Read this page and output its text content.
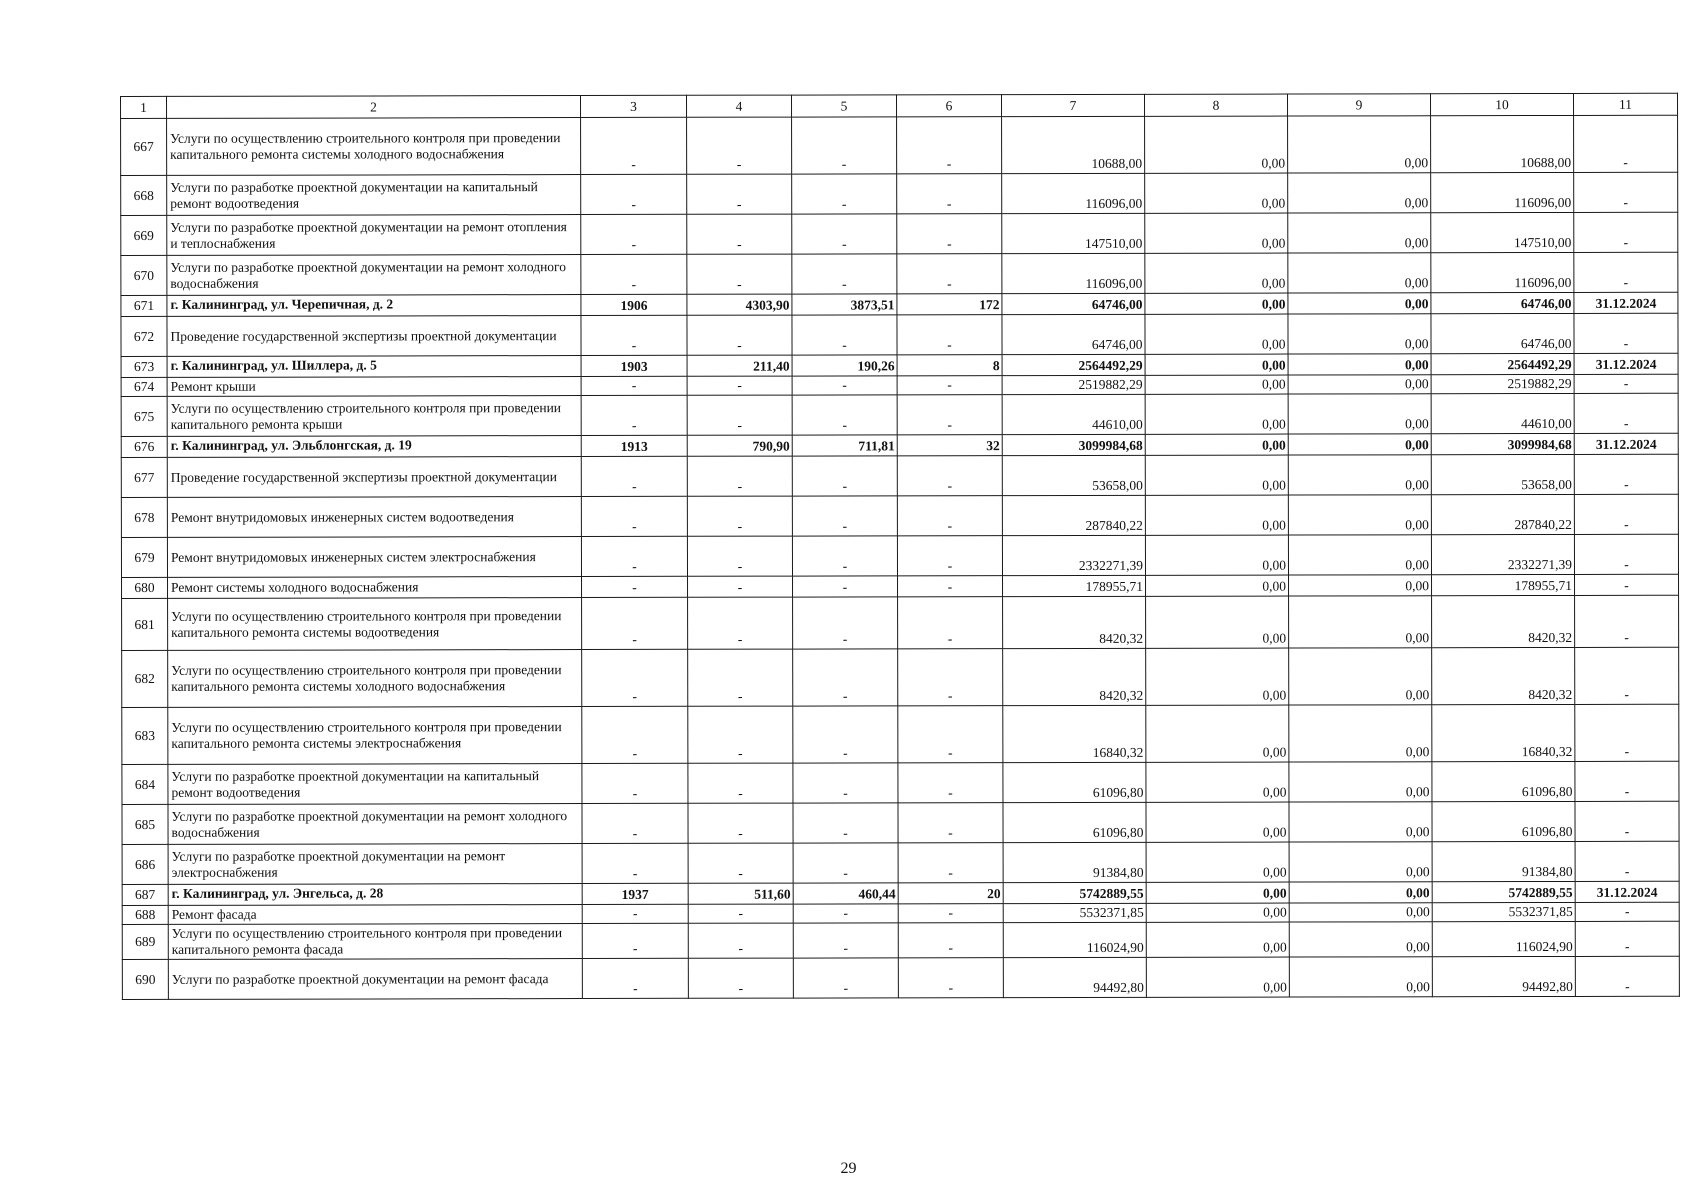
1	2	3	4	5	6	7	8	9	10	11
667	Услуги по осуществлению строительного контроля при проведении капитального ремонта системы холодного водоснабжения	-	-	-	-	10688,00	0,00	0,00	10688,00	-
668	Услуги по разработке проектной документации на капитальный ремонт водоотведения	-	-	-	-	116096,00	0,00	0,00	116096,00	-
669	Услуги по разработке проектной документации на ремонт отопления и теплоснабжения	-	-	-	-	147510,00	0,00	0,00	147510,00	-
670	Услуги по разработке проектной документации на ремонт холодного водоснабжения	-	-	-	-	116096,00	0,00	0,00	116096,00	-
671	г. Калининград, ул. Черепичная, д. 2	1906	4303,90	3873,51	172	64746,00	0,00	0,00	64746,00	31.12.2024
672	Проведение государственной экспертизы проектной документации	-	-	-	-	64746,00	0,00	0,00	64746,00	-
673	г. Калининград, ул. Шиллера, д. 5	1903	211,40	190,26	8	2564492,29	0,00	0,00	2564492,29	31.12.2024
674	Ремонт крыши	-	-	-	-	2519882,29	0,00	0,00	2519882,29	-
675	Услуги по осуществлению строительного контроля при проведении капитального ремонта крыши	-	-	-	-	44610,00	0,00	0,00	44610,00	-
676	г. Калининград, ул. Эльблонгская, д. 19	1913	790,90	711,81	32	3099984,68	0,00	0,00	3099984,68	31.12.2024
677	Проведение государственной экспертизы проектной документации	-	-	-	-	53658,00	0,00	0,00	53658,00	-
678	Ремонт внутридомовых инженерных систем водоотведения	-	-	-	-	287840,22	0,00	0,00	287840,22	-
679	Ремонт внутридомовых инженерных систем электроснабжения	-	-	-	-	2332271,39	0,00	0,00	2332271,39	-
680	Ремонт системы холодного водоснабжения	-	-	-	-	178955,71	0,00	0,00	178955,71	-
681	Услуги по осуществлению строительного контроля при проведении капитального ремонта системы водоотведения	-	-	-	-	8420,32	0,00	0,00	8420,32	-
682	Услуги по осуществлению строительного контроля при проведении капитального ремонта системы холодного водоснабжения	-	-	-	-	8420,32	0,00	0,00	8420,32	-
683	Услуги по осуществлению строительного контроля при проведении капитального ремонта системы электроснабжения	-	-	-	-	16840,32	0,00	0,00	16840,32	-
684	Услуги по разработке проектной документации на капитальный ремонт водоотведения	-	-	-	-	61096,80	0,00	0,00	61096,80	-
685	Услуги по разработке проектной документации на ремонт холодного водоснабжения	-	-	-	-	61096,80	0,00	0,00	61096,80	-
686	Услуги по разработке проектной документации на ремонт электроснабжения	-	-	-	-	91384,80	0,00	0,00	91384,80	-
687	г. Калининград, ул. Энгельса, д. 28	1937	511,60	460,44	20	5742889,55	0,00	0,00	5742889,55	31.12.2024
688	Ремонт фасада	-	-	-	-	5532371,85	0,00	0,00	5532371,85	-
689	Услуги по осуществлению строительного контроля при проведении капитального ремонта фасада	-	-	-	-	116024,90	0,00	0,00	116024,90	-
690	Услуги по разработке проектной документации на ремонт фасада	-	-	-	-	94492,80	0,00	0,00	94492,80	-
29
